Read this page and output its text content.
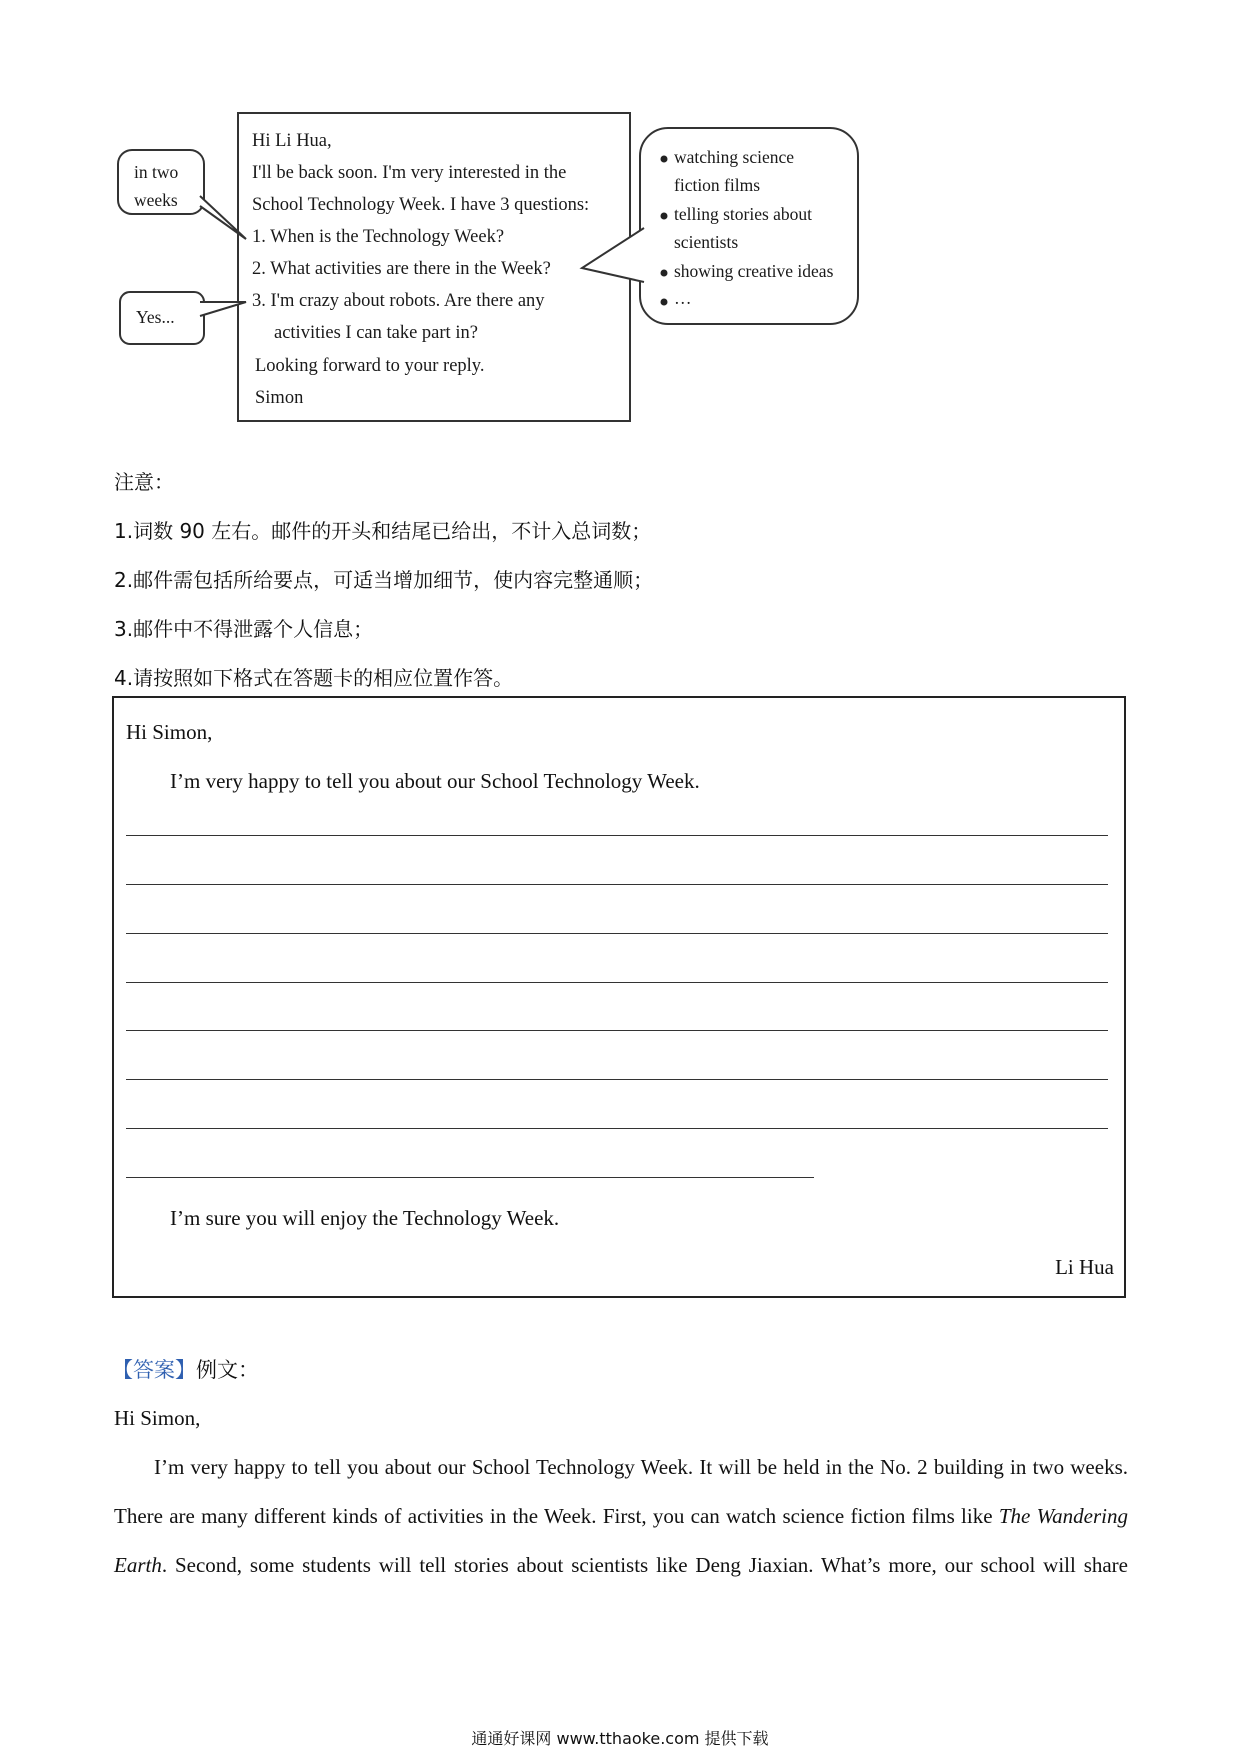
Hi Li Hua,
I'll be back soon. I'm very interested in the
School Technology Week. I have 3 questions:
1. When is the Technology Week?
2. What activities are there in the Week?
3. I'm crazy about robots. Are there any
activities I can take part in?
Looking forward to your reply.
Simon
in two
weeks
Yes...
watching science
fiction films
telling stories about
scientists
showing creative ideas
…
注意：
1.词数 90 左右。邮件的开头和结尾已给出，不计入总词数；
2.邮件需包括所给要点，可适当增加细节，使内容完整通顺；
3.邮件中不得泄露个人信息；
4.请按照如下格式在答题卡的相应位置作答。
Hi Simon,
I’m very happy to tell you about our School Technology Week.
I’m sure you will enjoy the Technology Week.
Li Hua
【答案】例文：
Hi Simon,
I’m very happy to tell you about our School Technology Week. It will be held in the No. 2 building in two weeks.
There are many different kinds of activities in the Week. First, you can watch science fiction films like The Wandering
Earth. Second, some students will tell stories about scientists like Deng Jiaxian. What’s more, our school will share
通通好课网 www.tthaoke.com 提供下载
